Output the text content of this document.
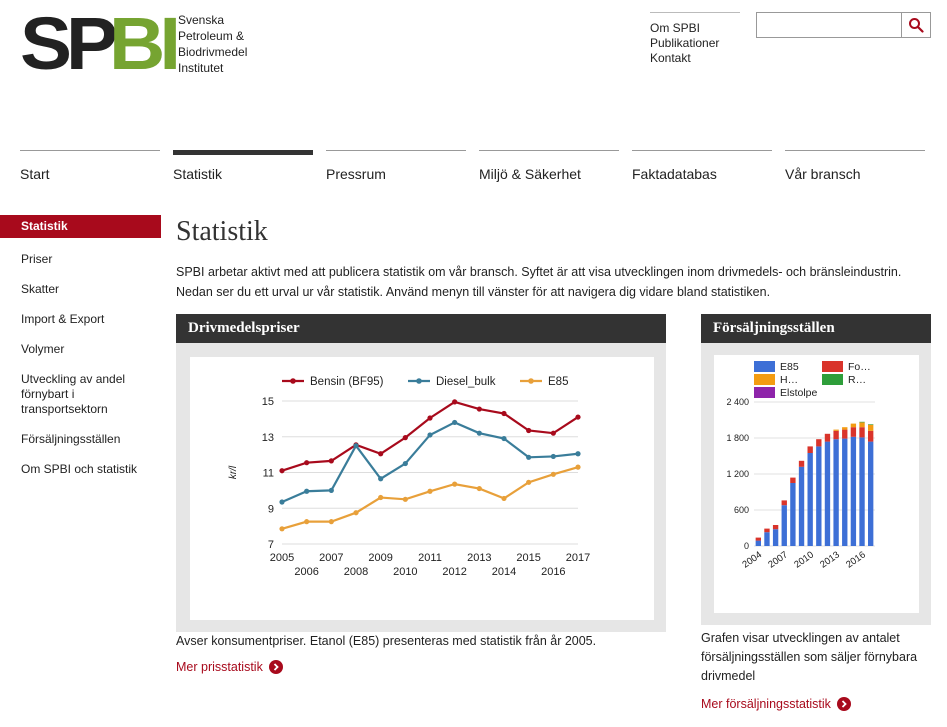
SP
BI Svenska
Petroleum &
Biodrivmedel
Institutet
Om SPBI
Publikationer
Kontakt
Start	Statistik	Pressrum	Miljö & Säkerhet	Faktadatabas	Vår bransch
Statistik
Priser
Skatter
Import & Export
Volymer
Utveckling av andel förnybart i transportsektorn
Försäljningsställen
Om SPBI och statistik
Statistik
SPBI arbetar aktivt med att publicera statistik om vår bransch. Syftet är att visa utvecklingen inom drivmedels- och bränsleindustrin. Nedan ser du ett urval ur vår statistik. Använd menyn till vänster för att navigera dig vidare bland statistiken.
Drivmedelspriser
7
9
11
13
15
kr/l
2005
2006
2007
2008
2009
2010
2011
2012
2013
2014
2015
2016
2017
Bensin (BF95)	Diesel_bulk	E85
Avser konsumentpriser. Etanol (E85) presenteras med statistik från år 2005.
Mer prisstatistik
Försäljningsställen
0
600
1 200
1 800
2 400
2004 2007 2010 2013 2016
E85	Fo…
H…	R…
Elstolpe
Grafen visar utvecklingen av antalet försäljningsställen som säljer förnybara drivmedel
Mer försäljningsstatistik
